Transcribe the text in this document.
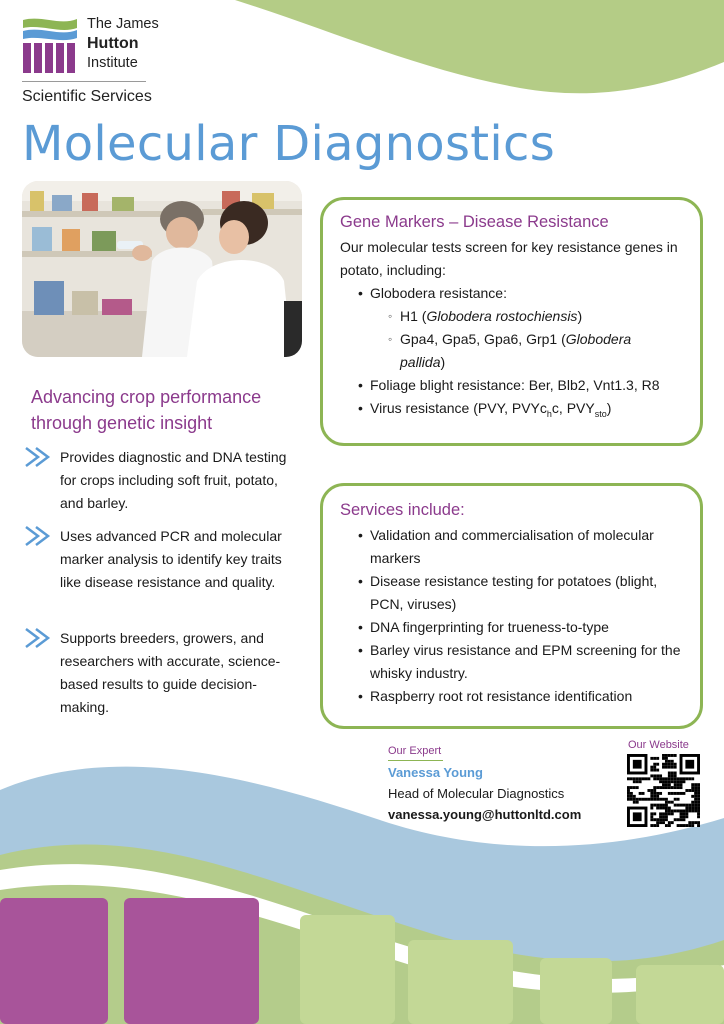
The James
Hutton
Institute
Scientific Services
Molecular Diagnostics
Gene Markers – Disease Resistance
Our molecular tests screen for key resistance genes in potato, including:
• Globodera resistance:
◦ H1 (Globodera rostochiensis)
◦ Gpa4, Gpa5, Gpa6, Grp1 (Globodera pallida)
• Foliage blight resistance: Ber, Blb2, Vnt1.3, R8
• Virus resistance (PVY, PVYc$_h$c, $PVY_{sto}$)
Services include:
• Validation and commercialisation of molecular markers
• Disease resistance testing for potatoes (blight, PCN, viruses)
• DNA fingerprinting for trueness-to-type
• Barley virus resistance and EPM screening for the whisky industry.
• Raspberry root rot resistance identification
Advancing crop performance through genetic insight
Provides diagnostic and DNA testing for crops including soft fruit, potato, and barley.
Uses advanced PCR and molecular marker analysis to identify key traits like disease resistance and quality.
Supports breeders, growers, and researchers with accurate, science-based results to guide decision-making.
Our Expert
Vanessa Young
Head of Molecular Diagnostics
vanessa.young@huttonltd.com
Our Website
